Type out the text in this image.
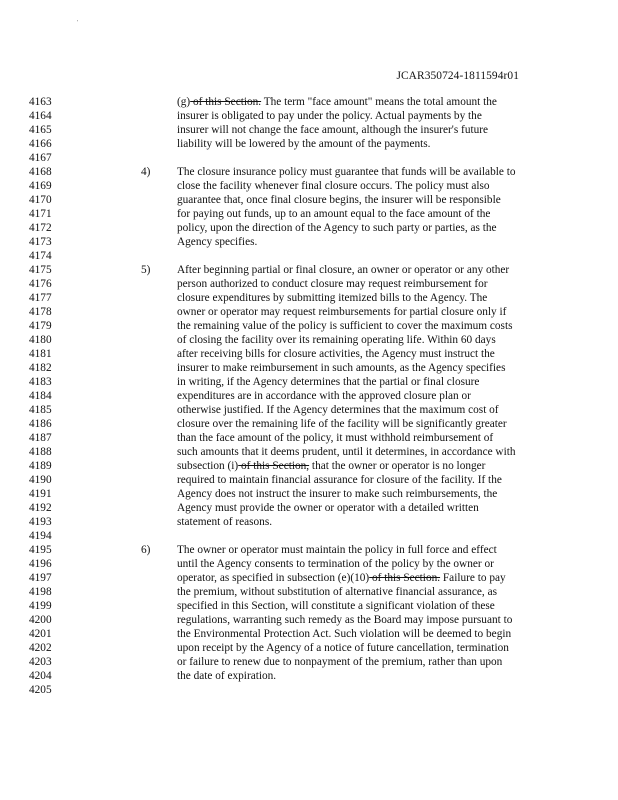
'
JCAR350724-1811594r01
4163
4164
4165
4166
4167
4168
4169
4170
4171
4172
4173
4174
4175
4176
4177
4178
4179
4180
4181
4182
4183
4184
4185
4186
4187
4188
4189
4190
4191
4192
4193
4194
4195
4196
4197
4198
4199
4200
4201
4202
4203
4204
4205
(g) of this Section. The term "face amount" means the total amount the
insurer is obligated to pay under the policy. Actual payments by the
insurer will not change the face amount, although the insurer's future
liability will be lowered by the amount of the payments.
4) The closure insurance policy must guarantee that funds will be available to
close the facility whenever final closure occurs. The policy must also
guarantee that, once final closure begins, the insurer will be responsible
for paying out funds, up to an amount equal to the face amount of the
policy, upon the direction of the Agency to such party or parties, as the
Agency specifies.
5) After beginning partial or final closure, an owner or operator or any other
person authorized to conduct closure may request reimbursement for
closure expenditures by submitting itemized bills to the Agency. The
owner or operator may request reimbursements for partial closure only if
the remaining value of the policy is sufficient to cover the maximum costs
of closing the facility over its remaining operating life. Within 60 days
after receiving bills for closure activities, the Agency must instruct the
insurer to make reimbursement in such amounts, as the Agency specifies
in writing, if the Agency determines that the partial or final closure
expenditures are in accordance with the approved closure plan or
otherwise justified. If the Agency determines that the maximum cost of
closure over the remaining life of the facility will be significantly greater
than the face amount of the policy, it must withhold reimbursement of
such amounts that it deems prudent, until it determines, in accordance with
subsection (i) of this Section, that the owner or operator is no longer
required to maintain financial assurance for closure of the facility. If the
Agency does not instruct the insurer to make such reimbursements, the
Agency must provide the owner or operator with a detailed written
statement of reasons.
6) The owner or operator must maintain the policy in full force and effect
until the Agency consents to termination of the policy by the owner or
operator, as specified in subsection (e)(10) of this Section. Failure to pay
the premium, without substitution of alternative financial assurance, as
specified in this Section, will constitute a significant violation of these
regulations, warranting such remedy as the Board may impose pursuant to
the Environmental Protection Act. Such violation will be deemed to begin
upon receipt by the Agency of a notice of future cancellation, termination
or failure to renew due to nonpayment of the premium, rather than upon
the date of expiration.
